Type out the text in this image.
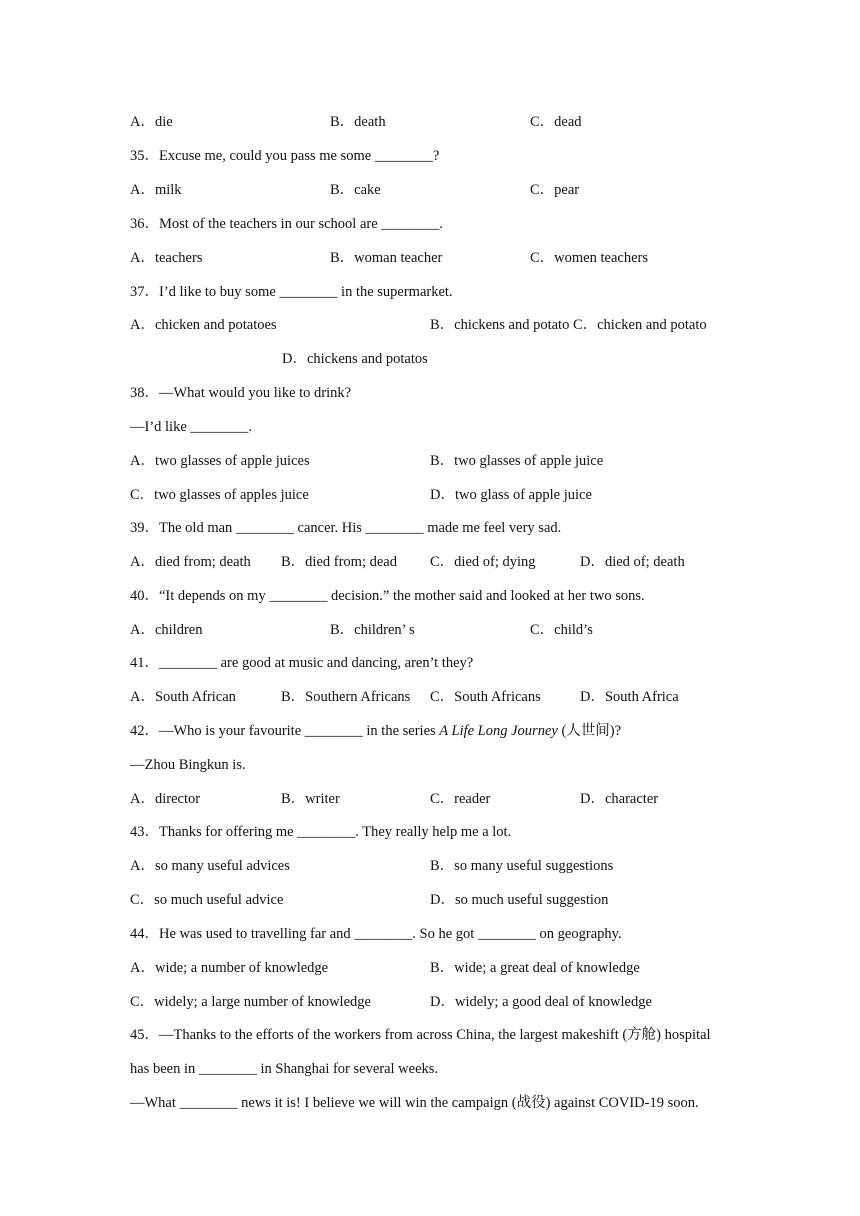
A．die	B．death	C．dead
35．Excuse me, could you pass me some ________?
A．milk	B．cake	C．pear
36．Most of the teachers in our school are ________.
A．teachers	B．woman teacher	C．women teachers
37．I’d like to buy some ________ in the supermarket.
A．chicken and potatoes	B．chickens and potato C．chicken and potato
D．chickens and potatos
38．—What would you like to drink?
—I’d like ________.
A．two glasses of apple juices	B．two glasses of apple juice
C．two glasses of apples juice	D．two glass of apple juice
39．The old man ________ cancer. His ________ made me feel very sad.
A．died from; death B．died from; dead C．died of; dying	D．died of; death
40．“It depends on my ________ decision.” the mother said and looked at her two sons.
A．children	B．children’ s	C．child’s
41．________ are good at music and dancing, aren’t they?
A．South African	B．Southern Africans C．South Africans	D．South Africa
42．—Who is your favourite ________ in the series A Life Long Journey (人世间)?
—Zhou Bingkun is.
A．director	B．writer	C．reader	D．character
43．Thanks for offering me ________. They really help me a lot.
A．so many useful advices	B．so many useful suggestions
C．so much useful advice	D．so much useful suggestion
44．He was used to travelling far and ________. So he got ________ on geography.
A．wide; a number of knowledge	B．wide; a great deal of knowledge
C．widely; a large number of knowledge	D．widely; a good deal of knowledge
45．—Thanks to the efforts of the workers from across China, the largest makeshift (方舱) hospital
has been in ________ in Shanghai for several weeks.
—What ________ news it is! I believe we will win the campaign (战役) against COVID-19 soon.
